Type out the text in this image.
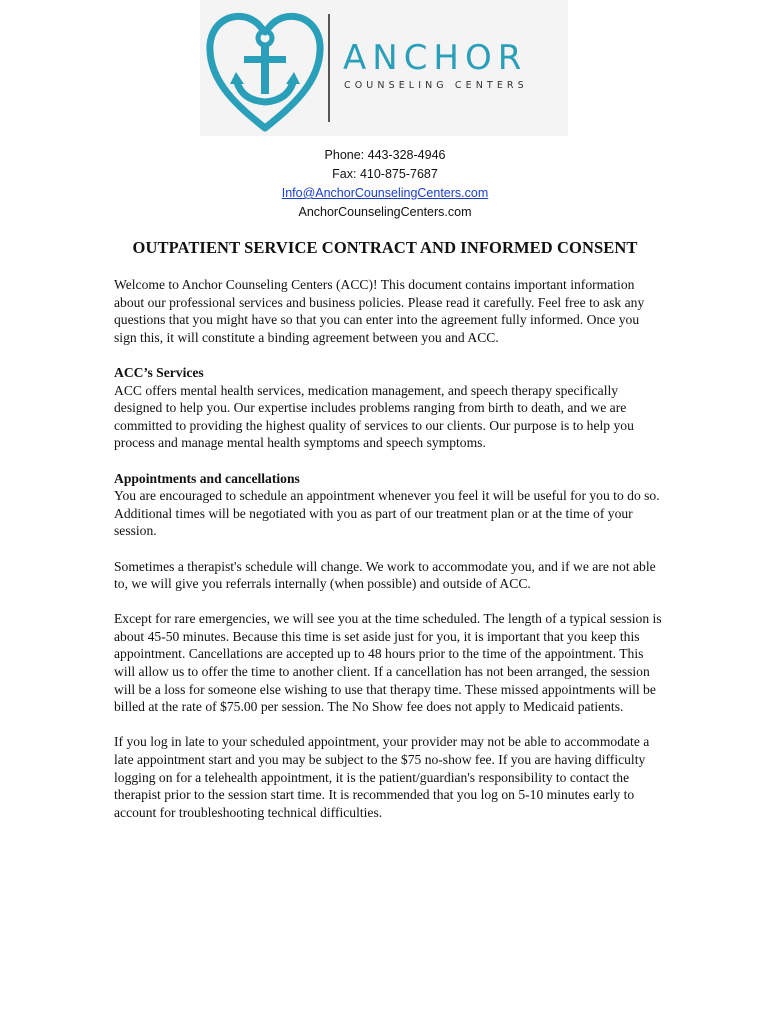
ANCHOR
COUNSELING CENTERS
Phone: 443-328-4946
Fax: 410-875-7687
Info@AnchorCounselingCenters.com
AnchorCounselingCenters.com
OUTPATIENT SERVICE CONTRACT AND INFORMED CONSENT

Welcome to Anchor Counseling Centers (ACC)! This document contains important information about our professional services and business policies. Please read it carefully. Feel free to ask any questions that you might have so that you can enter into the agreement fully informed. Once you sign this, it will constitute a binding agreement between you and ACC.

ACC’s Services
ACC offers mental health services, medication management, and speech therapy specifically designed to help you. Our expertise includes problems ranging from birth to death, and we are committed to providing the highest quality of services to our clients. Our purpose is to help you process and manage mental health symptoms and speech symptoms.

Appointments and cancellations
You are encouraged to schedule an appointment whenever you feel it will be useful for you to do so. Additional times will be negotiated with you as part of our treatment plan or at the time of your session.

Sometimes a therapist's schedule will change. We work to accommodate you, and if we are not able to, we will give you referrals internally (when possible) and outside of ACC.

Except for rare emergencies, we will see you at the time scheduled. The length of a typical session is about 45-50 minutes. Because this time is set aside just for you, it is important that you keep this appointment. Cancellations are accepted up to 48 hours prior to the time of the appointment. This will allow us to offer the time to another client. If a cancellation has not been arranged, the session will be a loss for someone else wishing to use that therapy time. These missed appointments will be billed at the rate of $75.00 per session. The No Show fee does not apply to Medicaid patients.

If you log in late to your scheduled appointment, your provider may not be able to accommodate a late appointment start and you may be subject to the $75 no-show fee. If you are having difficulty logging on for a telehealth appointment, it is the patient/guardian's responsibility to contact the therapist prior to the session start time. It is recommended that you log on 5-10 minutes early to account for troubleshooting technical difficulties.
